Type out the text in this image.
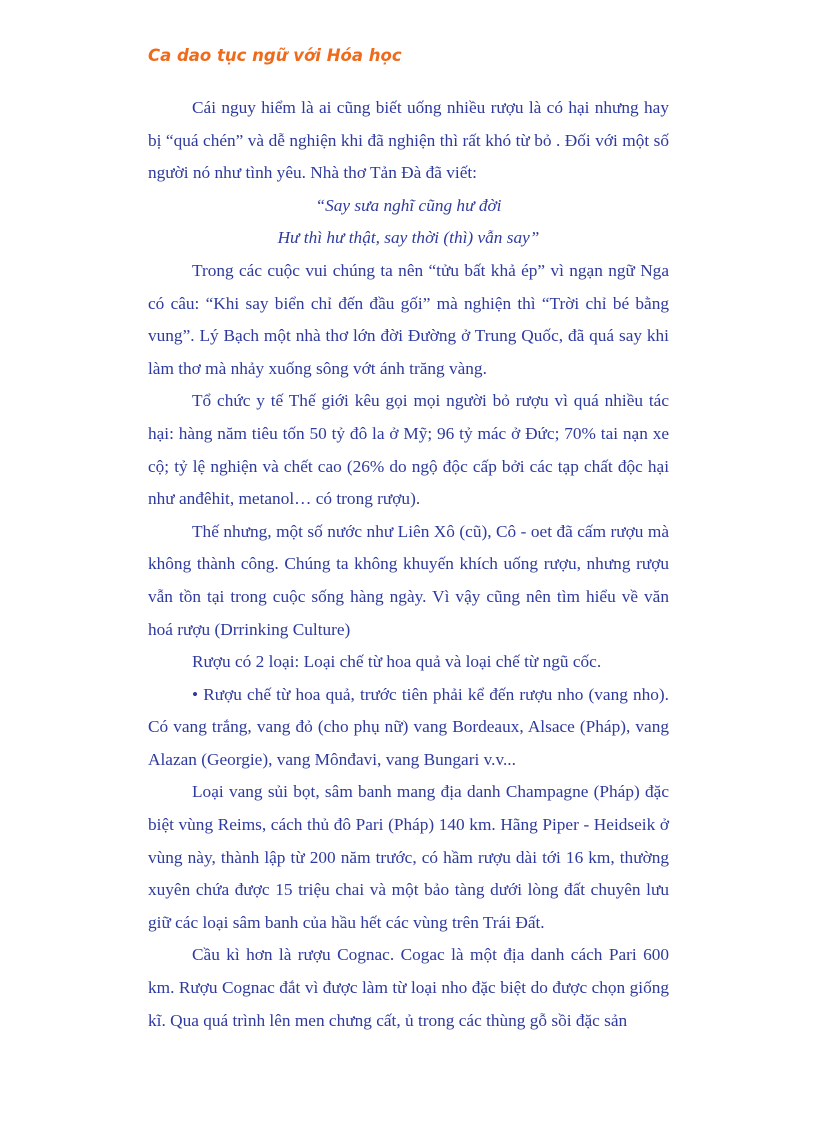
Ca dao tục ngữ với Hóa học

Cái nguy hiểm là ai cũng biết uống nhiều rượu là có hại nhưng hay bị “quá chén” và dễ nghiện khi đã nghiện thì rất khó từ bỏ . Đối với một số người nó như tình yêu. Nhà thơ Tản Đà đã viết:

“Say sưa nghĩ cũng hư đời

Hư thì hư thật, say thời (thì) vẫn say”

Trong các cuộc vui chúng ta nên “tửu bất khả ép” vì ngạn ngữ Nga có câu: “Khi say biển chỉ đến đầu gối” mà nghiện thì “Trời chỉ bé bằng vung”. Lý Bạch một nhà thơ lớn đời Đường ở Trung Quốc, đã quá say khi làm thơ mà nhảy xuống sông vớt ánh trăng vàng.

Tổ chức y tế Thế giới kêu gọi mọi người bỏ rượu vì quá nhiều tác hại: hàng năm tiêu tốn 50 tỷ đô la ở Mỹ; 96 tỷ mác ở Đức; 70% tai nạn xe cộ; tỷ lệ nghiện và chết cao (26% do ngộ độc cấp bởi các tạp chất độc hại như anđêhit, metanol… có trong rượu).

Thế nhưng, một số nước như Liên Xô (cũ), Cô - oet đã cấm rượu mà không thành công. Chúng ta không khuyến khích uống rượu, nhưng rượu vẫn tồn tại trong cuộc sống hàng ngày. Vì vậy cũng nên tìm hiểu về văn hoá rượu (Drrinking Culture)

Rượu có 2 loại: Loại chế từ hoa quả và loại chế từ ngũ cốc.

• Rượu chế từ hoa quả, trước tiên phải kể đến rượu nho (vang nho). Có vang trắng, vang đỏ (cho phụ nữ) vang Bordeaux, Alsace (Pháp), vang Alazan (Georgie), vang Mônđavi, vang Bungari v.v...

Loại vang sủi bọt, sâm banh mang địa danh Champagne (Pháp) đặc biệt vùng Reims, cách thủ đô Pari (Pháp) 140 km. Hãng Piper - Heidseik ở vùng này, thành lập từ 200 năm trước, có hầm rượu dài tới 16 km, thường xuyên chứa được 15 triệu chai và một bảo tàng dưới lòng đất chuyên lưu giữ các loại sâm banh của hầu hết các vùng trên Trái Đất.

Cầu kì hơn là rượu Cognac. Cogac là một địa danh cách Pari 600 km. Rượu Cognac đắt vì được làm từ loại nho đặc biệt do được chọn giống kĩ. Qua quá trình lên men chưng cất, ủ trong các thùng gỗ sồi đặc sản
